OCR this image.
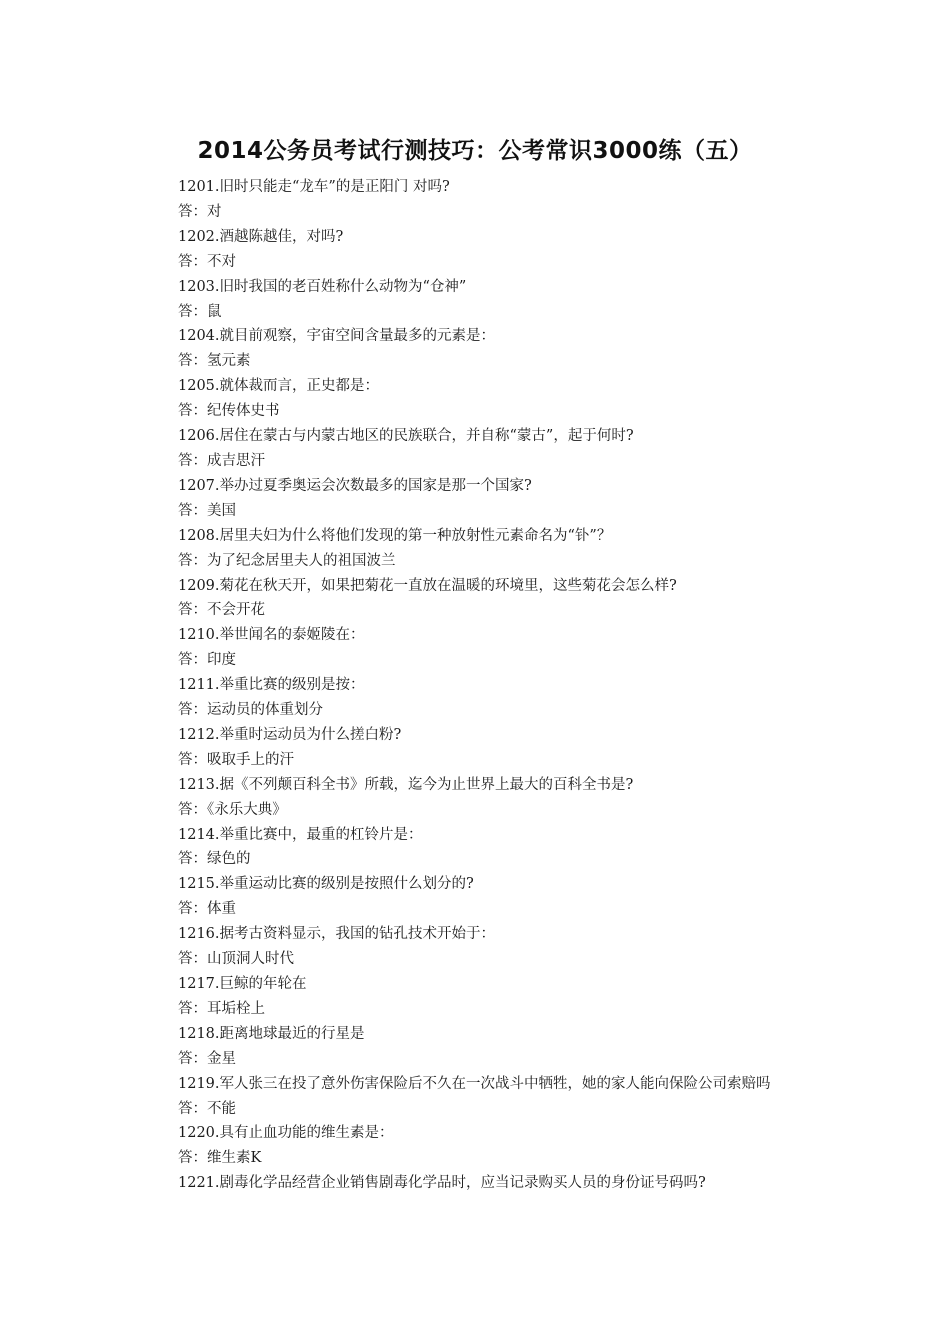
2014公务员考试行测技巧：公考常识3000练（五）
1201.旧时只能走“龙车”的是正阳门 对吗?
答：对
1202.酒越陈越佳，对吗?
答：不对
1203.旧时我国的老百姓称什么动物为“仓神”
答：鼠
1204.就目前观察，宇宙空间含量最多的元素是：
答：氢元素
1205.就体裁而言，正史都是：
答：纪传体史书
1206.居住在蒙古与内蒙古地区的民族联合，并自称“蒙古”，起于何时?
答：成吉思汗
1207.举办过夏季奥运会次数最多的国家是那一个国家?
答：美国
1208.居里夫妇为什么将他们发现的第一种放射性元素命名为“钋”？
答：为了纪念居里夫人的祖国波兰
1209.菊花在秋天开，如果把菊花一直放在温暖的环境里，这些菊花会怎么样?
答：不会开花
1210.举世闻名的泰姬陵在：
答：印度
1211.举重比赛的级别是按：
答：运动员的体重划分
1212.举重时运动员为什么搓白粉?
答：吸取手上的汗
1213.据《不列颠百科全书》所载，迄今为止世界上最大的百科全书是?
答：《永乐大典》
1214.举重比赛中，最重的杠铃片是：
答：绿色的
1215.举重运动比赛的级别是按照什么划分的?
答：体重
1216.据考古资料显示，我国的钻孔技术开始于：
答：山顶洞人时代
1217.巨鲸的年轮在
答：耳垢栓上
1218.距离地球最近的行星是
答：金星
1219.军人张三在投了意外伤害保险后不久在一次战斗中牺牲，她的家人能向保险公司索赔吗
答：不能
1220.具有止血功能的维生素是：
答：维生素K
1221.剧毒化学品经营企业销售剧毒化学品时，应当记录购买人员的身份证号码吗?
